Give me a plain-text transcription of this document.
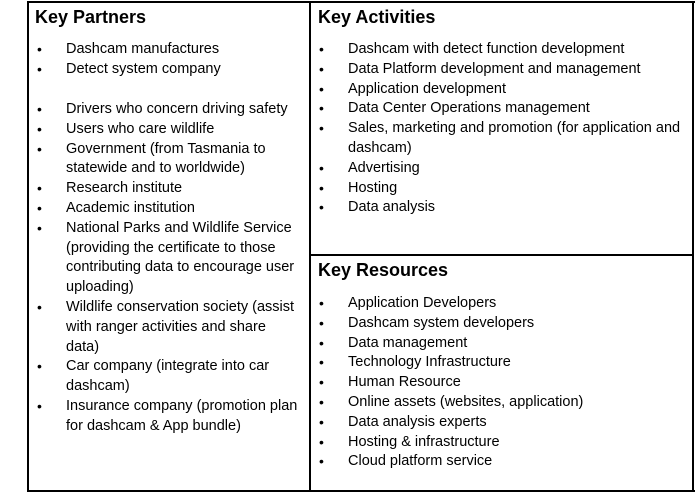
Key Partners
• Dashcam manufactures
• Detect system company
• Drivers who concern driving safety
• Users who care wildlife
• Government (from Tasmania to statewide and to worldwide)
• Research institute
• Academic institution
• National Parks and Wildlife Service (providing the certificate to those contributing data to encourage user uploading)
• Wildlife conservation society (assist with ranger activities and share data)
• Car company (integrate into car dashcam)
• Insurance company (promotion plan for dashcam & App bundle)
Key Activities
• Dashcam with detect function development
• Data Platform development and management
• Application development
• Data Center Operations management
• Sales, marketing and promotion (for application and dashcam)
• Advertising
• Hosting
• Data analysis
Key Resources
• Application Developers
• Dashcam system developers
• Data management
• Technology Infrastructure
• Human Resource
• Online assets (websites, application)
• Data analysis experts
• Hosting & infrastructure
• Cloud platform service
